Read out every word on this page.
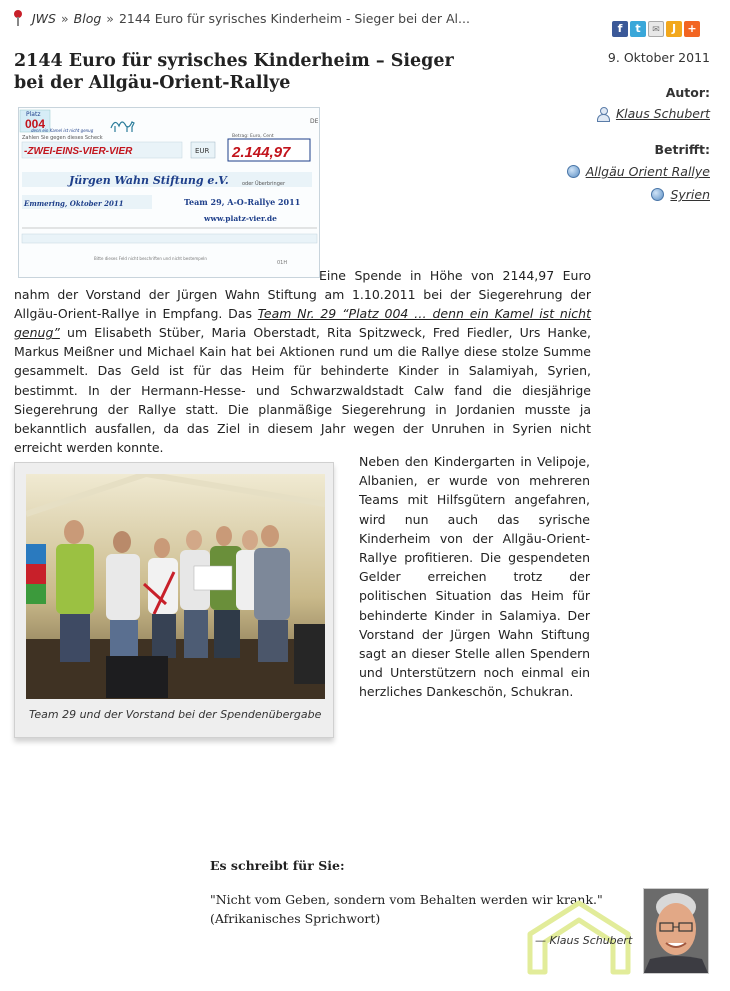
JWS » Blog » 2144 Euro für syrisches Kinderheim - Sieger bei der Al...
f	t	✉	J	+
2144 Euro für syrisches Kinderheim – Sieger bei der Allgäu-Orient-Rallye
9. Oktober 2011
Autor:
Klaus Schubert
Betrifft:
Allgäu Orient Rallye
Syrien
Platz
004
denn ein Kamel ist nicht genug
DE
Zahlen Sie gegen dieses Scheck
-ZWEI-EINS-VIER-VIER	EUR
Betrag: Euro, Cent
2.144,97
Jürgen Wahn Stiftung e.V.	oder Überbringer
Emmering, Oktober 2011	Team 29, A-O-Rallye 2011
www.platz-vier.de
Bitte dieses Feld nicht beschriften und nicht bestempeln
01H

Eine Spende in Höhe von 2144,97 Euro nahm der Vorstand der Jürgen Wahn Stiftung am 1.10.2011 bei der Siegerehrung der Allgäu-Orient-Rallye in Empfang. Das Team Nr. 29 “Platz 004 … denn ein Kamel ist nicht genug” um Elisabeth Stüber, Maria Oberstadt, Rita Spitzweck, Fred Fiedler, Urs Hanke, Markus Meißner und Michael Kain hat bei Aktionen rund um die Rallye diese stolze Summe gesammelt. Das Geld ist für das Heim für behinderte Kinder in Salamiyah, Syrien, bestimmt. In der Hermann-Hesse- und Schwarzwaldstadt Calw fand die diesjährige Siegerehrung der Rallye statt. Die planmäßige Siegerehrung in Jordanien musste ja bekanntlich ausfallen, da das Ziel in diesem Jahr wegen der Unruhen in Syrien nicht erreicht werden konnte.

Team 29 und der Vorstand bei der Spendenübergabe

Neben den Kindergarten in Velipoje, Albanien, er wurde von mehreren Teams mit Hilfsgütern angefahren, wird nun auch das syrische Kinderheim von der Allgäu-Orient-Rallye profitieren. Die gespendeten Gelder erreichen trotz der politischen Situation das Heim für behinderte Kinder in Salamiya. Der Vorstand der Jürgen Wahn Stiftung sagt an dieser Stelle allen Spendern und Unterstützern noch einmal ein herzliches Dankeschön, Schukran.

Es schreibt für Sie:
"Nicht vom Geben, sondern vom Behalten werden wir krank."
(Afrikanisches Sprichwort)
— Klaus Schubert
